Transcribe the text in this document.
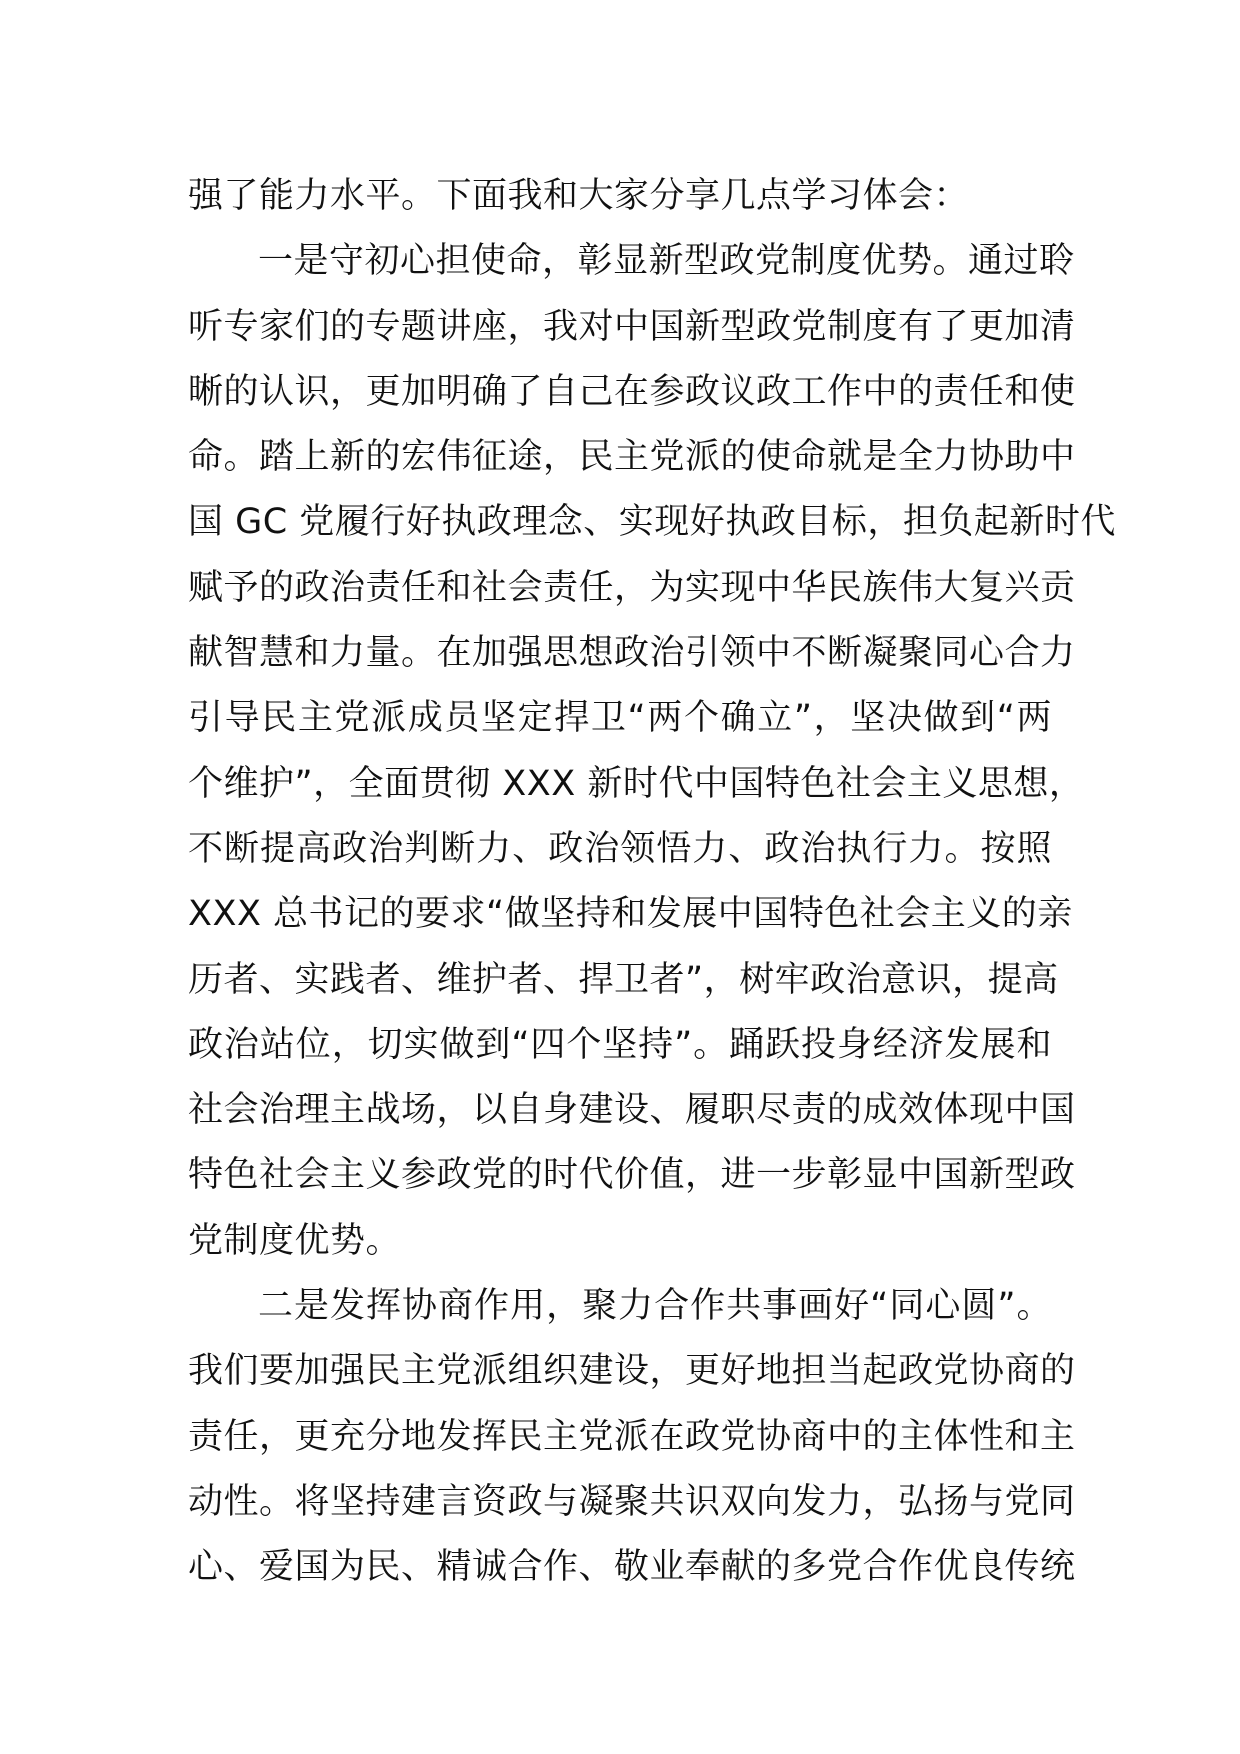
强了能力水平。下面我和大家分享几点学习体会：
一是守初心担使命，彰显新型政党制度优势。通过聆
听专家们的专题讲座，我对中国新型政党制度有了更加清
晰的认识，更加明确了自己在参政议政工作中的责任和使
命。踏上新的宏伟征途，民主党派的使命就是全力协助中
国 GC 党履行好执政理念、实现好执政目标，担负起新时代
赋予的政治责任和社会责任，为实现中华民族伟大复兴贡
献智慧和力量。在加强思想政治引领中不断凝聚同心合力
引导民主党派成员坚定捍卫“两个确立”，坚决做到“两
个维护”，全面贯彻 XXX 新时代中国特色社会主义思想，
不断提高政治判断力、政治领悟力、政治执行力。按照
XXX 总书记的要求“做坚持和发展中国特色社会主义的亲
历者、实践者、维护者、捍卫者”，树牢政治意识，提高
政治站位，切实做到“四个坚持”。踊跃投身经济发展和
社会治理主战场，以自身建设、履职尽责的成效体现中国
特色社会主义参政党的时代价值，进一步彰显中国新型政
党制度优势。
二是发挥协商作用，聚力合作共事画好“同心圆”。
我们要加强民主党派组织建设，更好地担当起政党协商的
责任，更充分地发挥民主党派在政党协商中的主体性和主
动性。将坚持建言资政与凝聚共识双向发力，弘扬与党同
心、爱国为民、精诚合作、敬业奉献的多党合作优良传统
